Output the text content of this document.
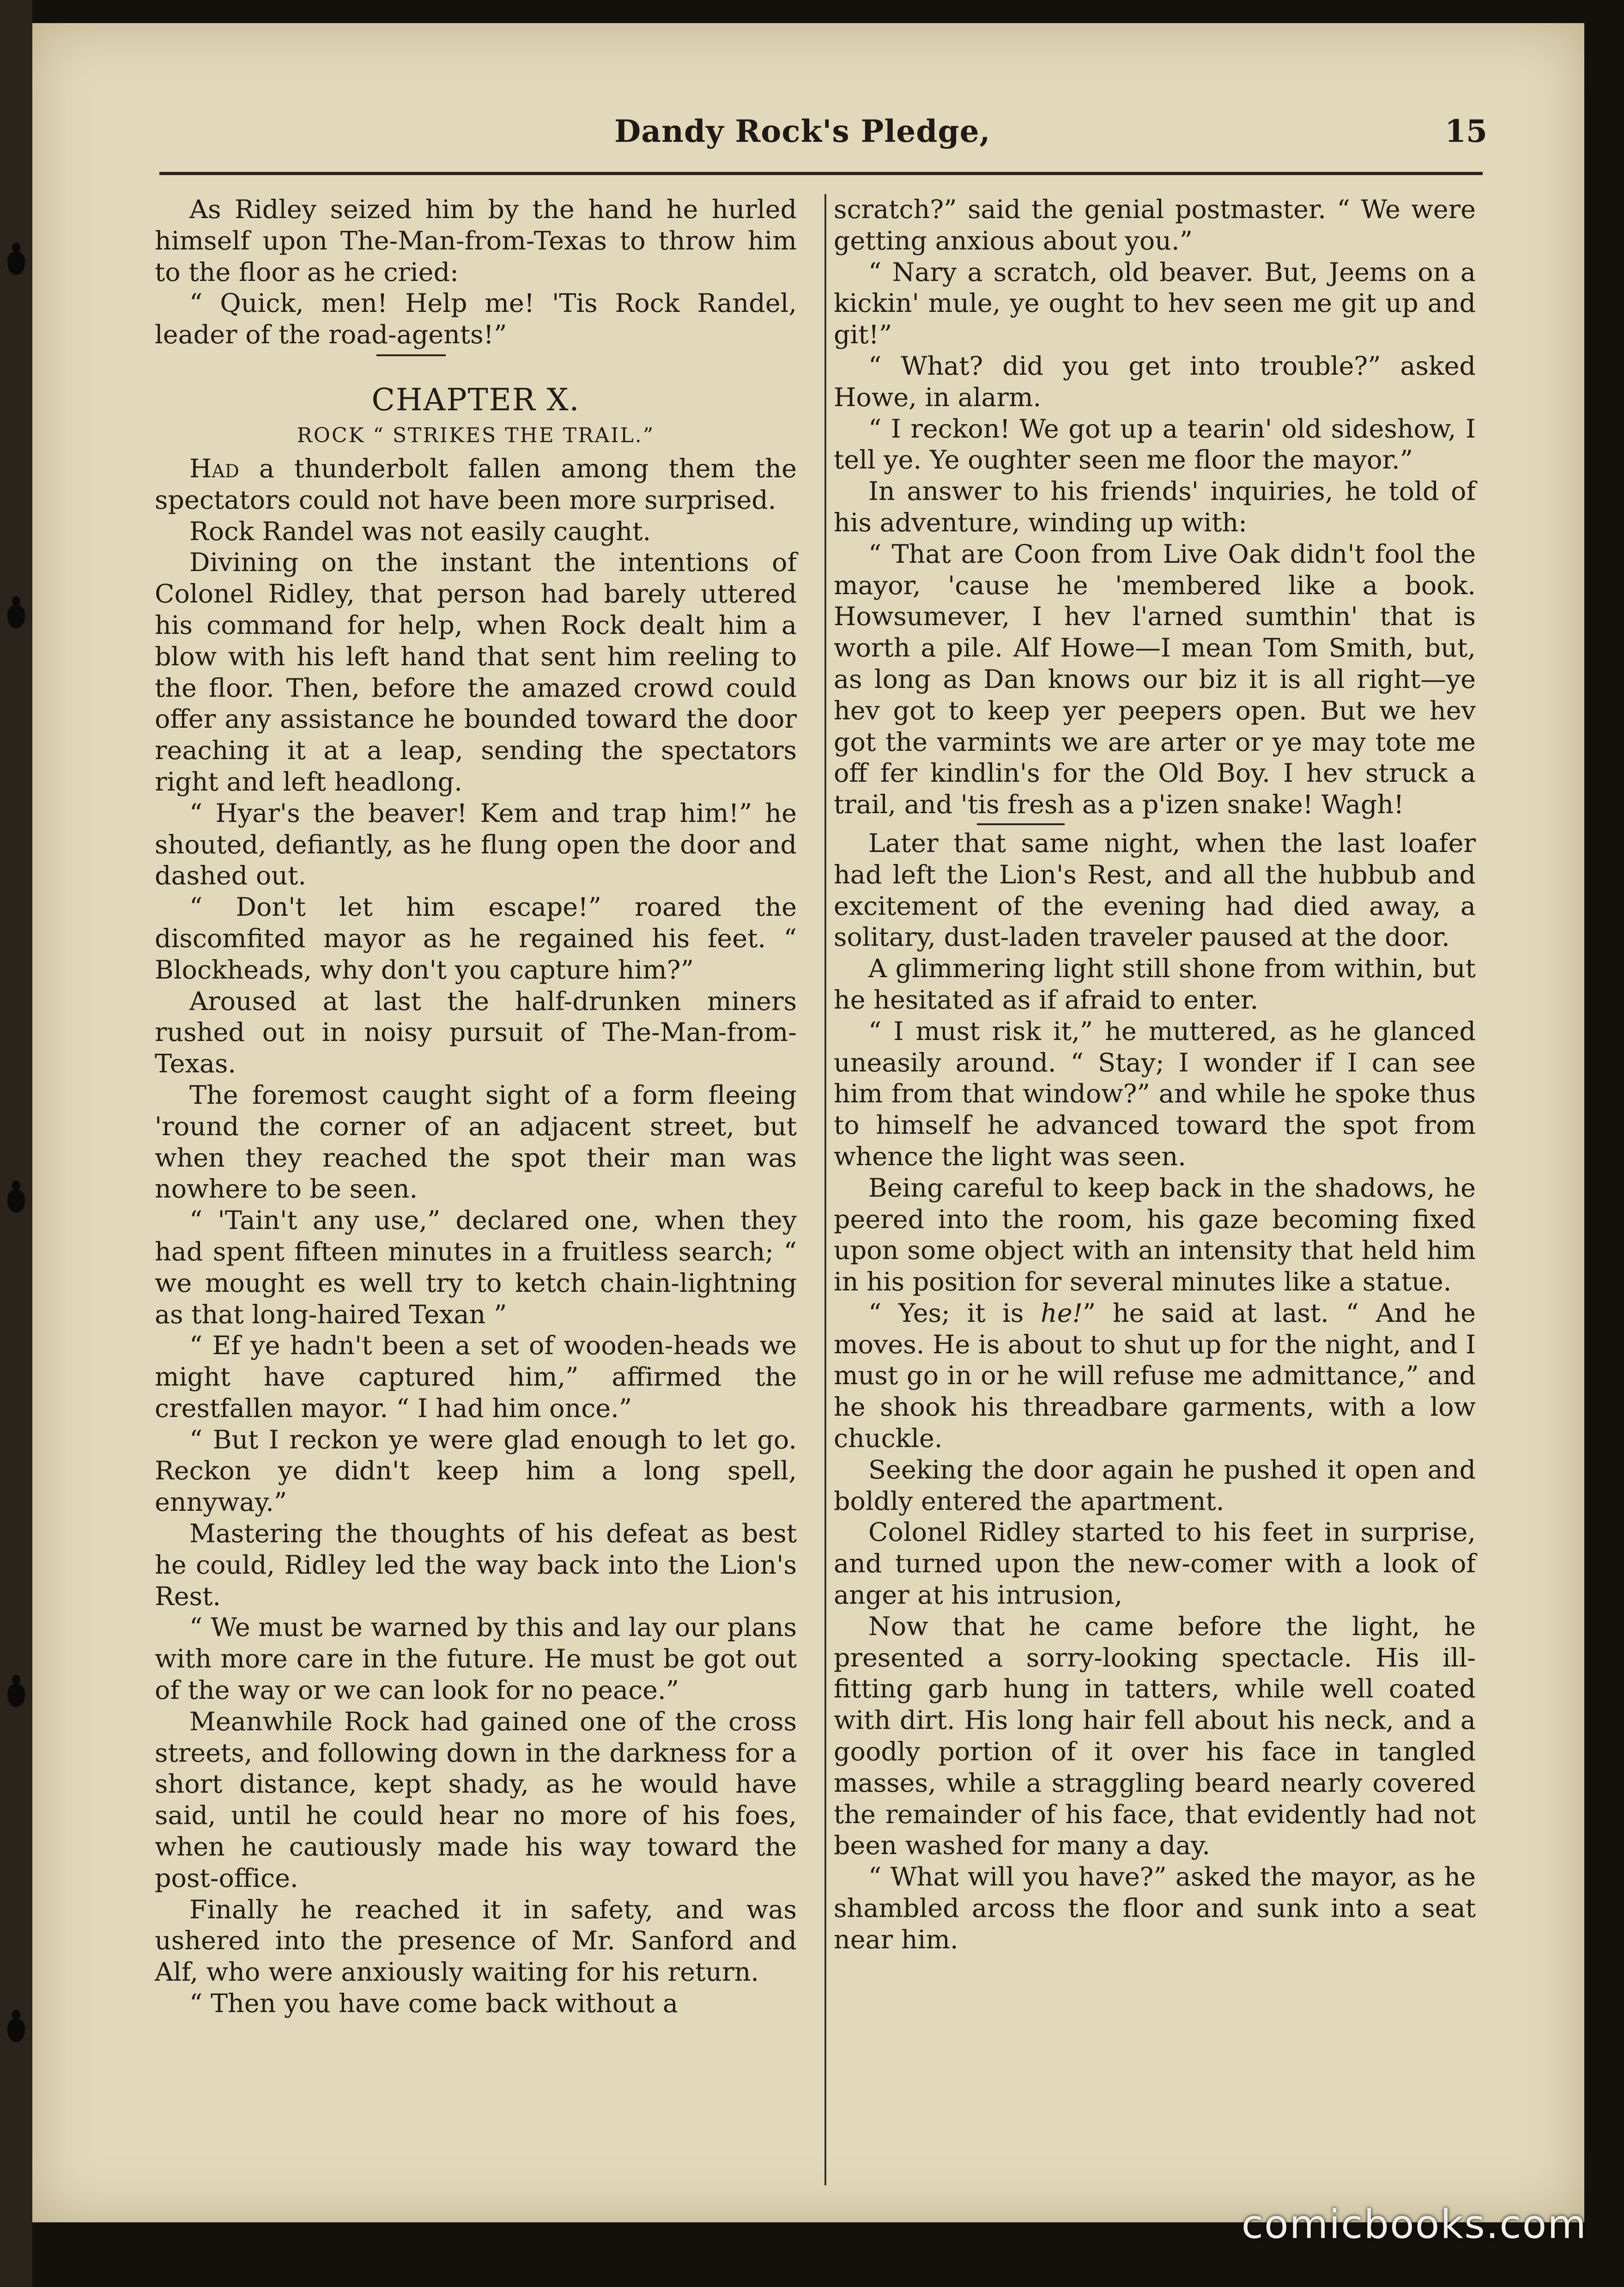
Dandy Rock's Pledge,	15

As Ridley seized him by the hand he hurled himself upon The-Man-from-Texas to throw him to the floor as he cried:

“ Quick, men! Help me! 'Tis Rock Randel, leader of the road-agents!”

CHAPTER X.
ROCK “ STRIKES THE TRAIL.”

Had a thunderbolt fallen among them the spectators could not have been more surprised.

Rock Randel was not easily caught.

Divining on the instant the intentions of Colonel Ridley, that person had barely uttered his command for help, when Rock dealt him a blow with his left hand that sent him reeling to the floor. Then, before the amazed crowd could offer any assistance he bounded toward the door reaching it at a leap, sending the spectators right and left headlong.

“ Hyar's the beaver! Kem and trap him!” he shouted, defiantly, as he flung open the door and dashed out.

“ Don't let him escape!” roared the discomfited mayor as he regained his feet. “ Blockheads, why don't you capture him?”

Aroused at last the half-drunken miners rushed out in noisy pursuit of The-Man-from-Texas.

The foremost caught sight of a form fleeing 'round the corner of an adjacent street, but when they reached the spot their man was nowhere to be seen.

“ 'Tain't any use,” declared one, when they had spent fifteen minutes in a fruitless search; “ we mought es well try to ketch chain-lightning as that long-haired Texan ”

“ Ef ye hadn't been a set of wooden-heads we might have captured him,” affirmed the crestfallen mayor. “ I had him once.”

“ But I reckon ye were glad enough to let go. Reckon ye didn't keep him a long spell, ennyway.”

Mastering the thoughts of his defeat as best he could, Ridley led the way back into the Lion's Rest.

“ We must be warned by this and lay our plans with more care in the future. He must be got out of the way or we can look for no peace.”

Meanwhile Rock had gained one of the cross streets, and following down in the darkness for a short distance, kept shady, as he would have said, until he could hear no more of his foes, when he cautiously made his way toward the post-office.

Finally he reached it in safety, and was ushered into the presence of Mr. Sanford and Alf, who were anxiously waiting for his return.

“ Then you have come back without a

scratch?” said the genial postmaster. “ We were getting anxious about you.”

“ Nary a scratch, old beaver. But, Jeems on a kickin' mule, ye ought to hev seen me git up and git!”

“ What? did you get into trouble?” asked Howe, in alarm.

“ I reckon! We got up a tearin' old sideshow, I tell ye. Ye oughter seen me floor the mayor.”

In answer to his friends' inquiries, he told of his adventure, winding up with:

“ That are Coon from Live Oak didn't fool the mayor, 'cause he 'membered like a book. Howsumever, I hev l'arned sumthin' that is worth a pile. Alf Howe—I mean Tom Smith, but, as long as Dan knows our biz it is all right—ye hev got to keep yer peepers open. But we hev got the varmints we are arter or ye may tote me off fer kindlin's for the Old Boy. I hev struck a trail, and 'tis fresh as a p'izen snake! Wagh!

Later that same night, when the last loafer had left the Lion's Rest, and all the hubbub and excitement of the evening had died away, a solitary, dust-laden traveler paused at the door.

A glimmering light still shone from within, but he hesitated as if afraid to enter.

“ I must risk it,” he muttered, as he glanced uneasily around. “ Stay; I wonder if I can see him from that window?” and while he spoke thus to himself he advanced toward the spot from whence the light was seen.

Being careful to keep back in the shadows, he peered into the room, his gaze becoming fixed upon some object with an intensity that held him in his position for several minutes like a statue.

“ Yes; it is he!” he said at last. “ And he moves. He is about to shut up for the night, and I must go in or he will refuse me admittance,” and he shook his threadbare garments, with a low chuckle.

Seeking the door again he pushed it open and boldly entered the apartment.

Colonel Ridley started to his feet in surprise, and turned upon the new-comer with a look of anger at his intrusion,

Now that he came before the light, he presented a sorry-looking spectacle. His ill-fitting garb hung in tatters, while well coated with dirt. His long hair fell about his neck, and a goodly portion of it over his face in tangled masses, while a straggling beard nearly covered the remainder of his face, that evidently had not been washed for many a day.

“ What will you have?” asked the mayor, as he shambled arcoss the floor and sunk into a seat near him.

comicbooks.com
